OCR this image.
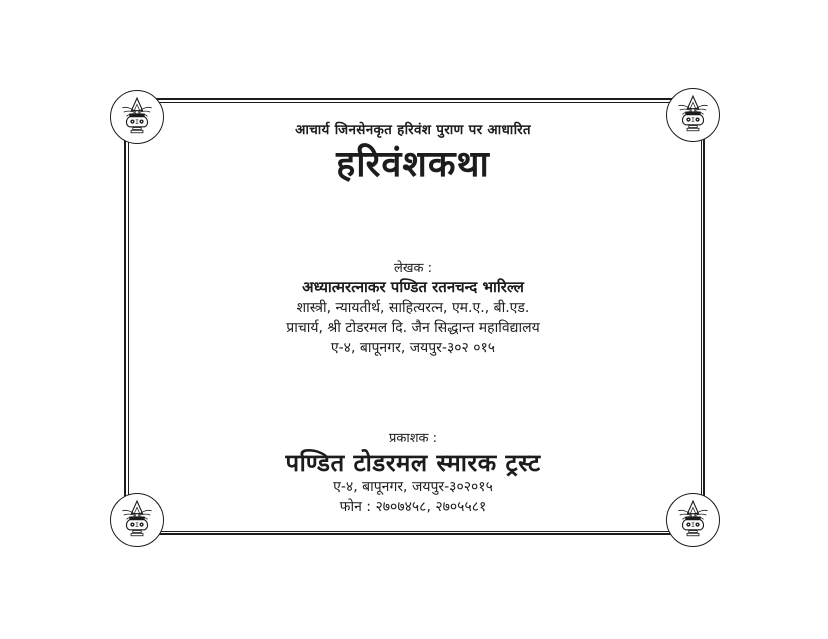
आचार्य जिनसेनकृत हरिवंश पुराण पर आधारित
हरिवंशकथा
लेखक :
अध्यात्मरत्नाकर पण्डित रतनचन्द भारिल्ल
शास्त्री, न्यायतीर्थ, साहित्यरत्न, एम.ए., बी.एड.
प्राचार्य, श्री टोडरमल दि. जैन सिद्धान्त महाविद्यालय
ए-४, बापूनगर, जयपुर-३०२ ०१५
प्रकाशक :
पण्डित टोडरमल स्मारक ट्रस्ट
ए-४, बापूनगर, जयपुर-३०२०१५
फोन : २७०७४५८, २७०५५८१
